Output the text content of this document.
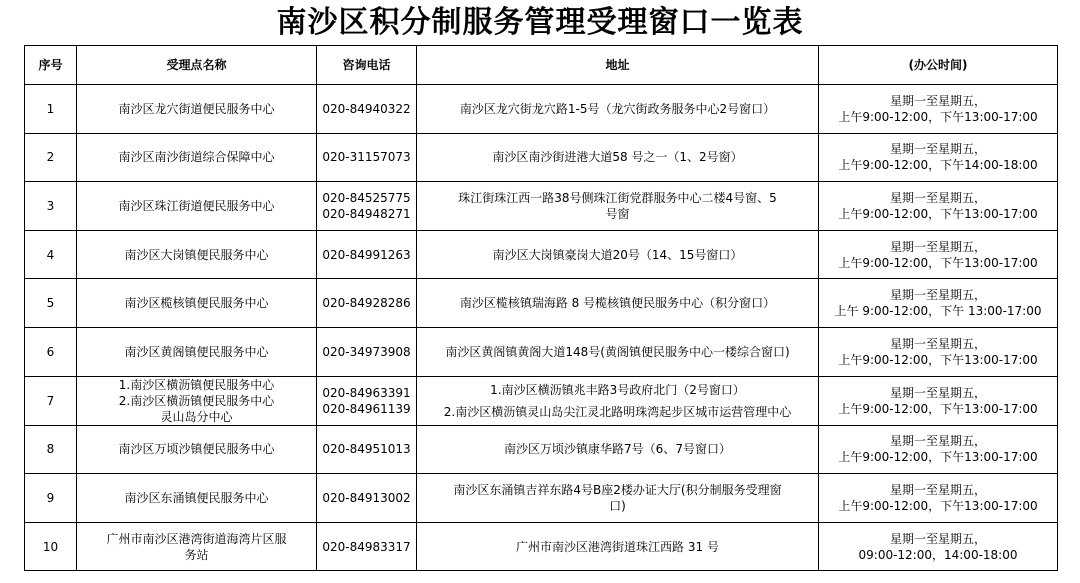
南沙区积分制服务管理受理窗口一览表
序号	受理点名称	咨询电话	地址	(办公时间)
1	南沙区龙穴街道便民服务中心	020-84940322	南沙区龙穴街龙穴路1-5号（龙穴街政务服务中心2号窗口）	星期一至星期五，
上午9:00-12:00，下午13:00-17:00

2	南沙区南沙街道综合保障中心	020-31157073	南沙区南沙街进港大道58 号之一（1、2号窗）	星期一至星期五，
上午9:00-12:00，下午14:00-18:00

3	南沙区珠江街道便民服务中心	020-84525775
020-84948271	珠江街珠江西一路38号侧珠江街党群服务中心二楼4号窗、5
号窗	星期一至星期五，
上午9:00-12:00，下午13:00-17:00

4	南沙区大岗镇便民服务中心	020-84991263	南沙区大岗镇豪岗大道20号（14、15号窗口）	星期一至星期五，
上午9:00-12:00，下午13:00-17:00

5	南沙区榄核镇便民服务中心	020-84928286	南沙区榄核镇瑞海路 8 号榄核镇便民服务中心（积分窗口）	星期一至星期五，
上午 9:00-12:00，下午 13:00-17:00

6	南沙区黄阁镇便民服务中心	020-34973908	南沙区黄阁镇黄阁大道148号(黄阁镇便民服务中心一楼综合窗口)	星期一至星期五，
上午9:00-12:00，下午13:00-17:00

7	1.南沙区横沥镇便民服务中心
2.南沙区横沥镇便民服务中心
灵山岛分中心	020-84963391
020-84961139	1.南沙区横沥镇兆丰路3号政府北门（2号窗口）
2.南沙区横沥镇灵山岛尖江灵北路明珠湾起步区城市运营管理中心	星期一至星期五，
上午9:00-12:00，下午13:00-17:00

8	南沙区万顷沙镇便民服务中心	020-84951013	南沙区万顷沙镇康华路7号（6、7号窗口）	星期一至星期五，
上午9:00-12:00，下午13:00-17:00

9	南沙区东涌镇便民服务中心	020-84913002	南沙区东涌镇吉祥东路4号B座2楼办证大厅(积分制服务受理窗
口)	星期一至星期五，
上午9:00-12:00，下午13:00-17:00

10	广州市南沙区港湾街道海湾片区服
务站	020-84983317	广州市南沙区港湾街道珠江西路 31 号	星期一至星期五，
09:00-12:00，14:00-18:00
